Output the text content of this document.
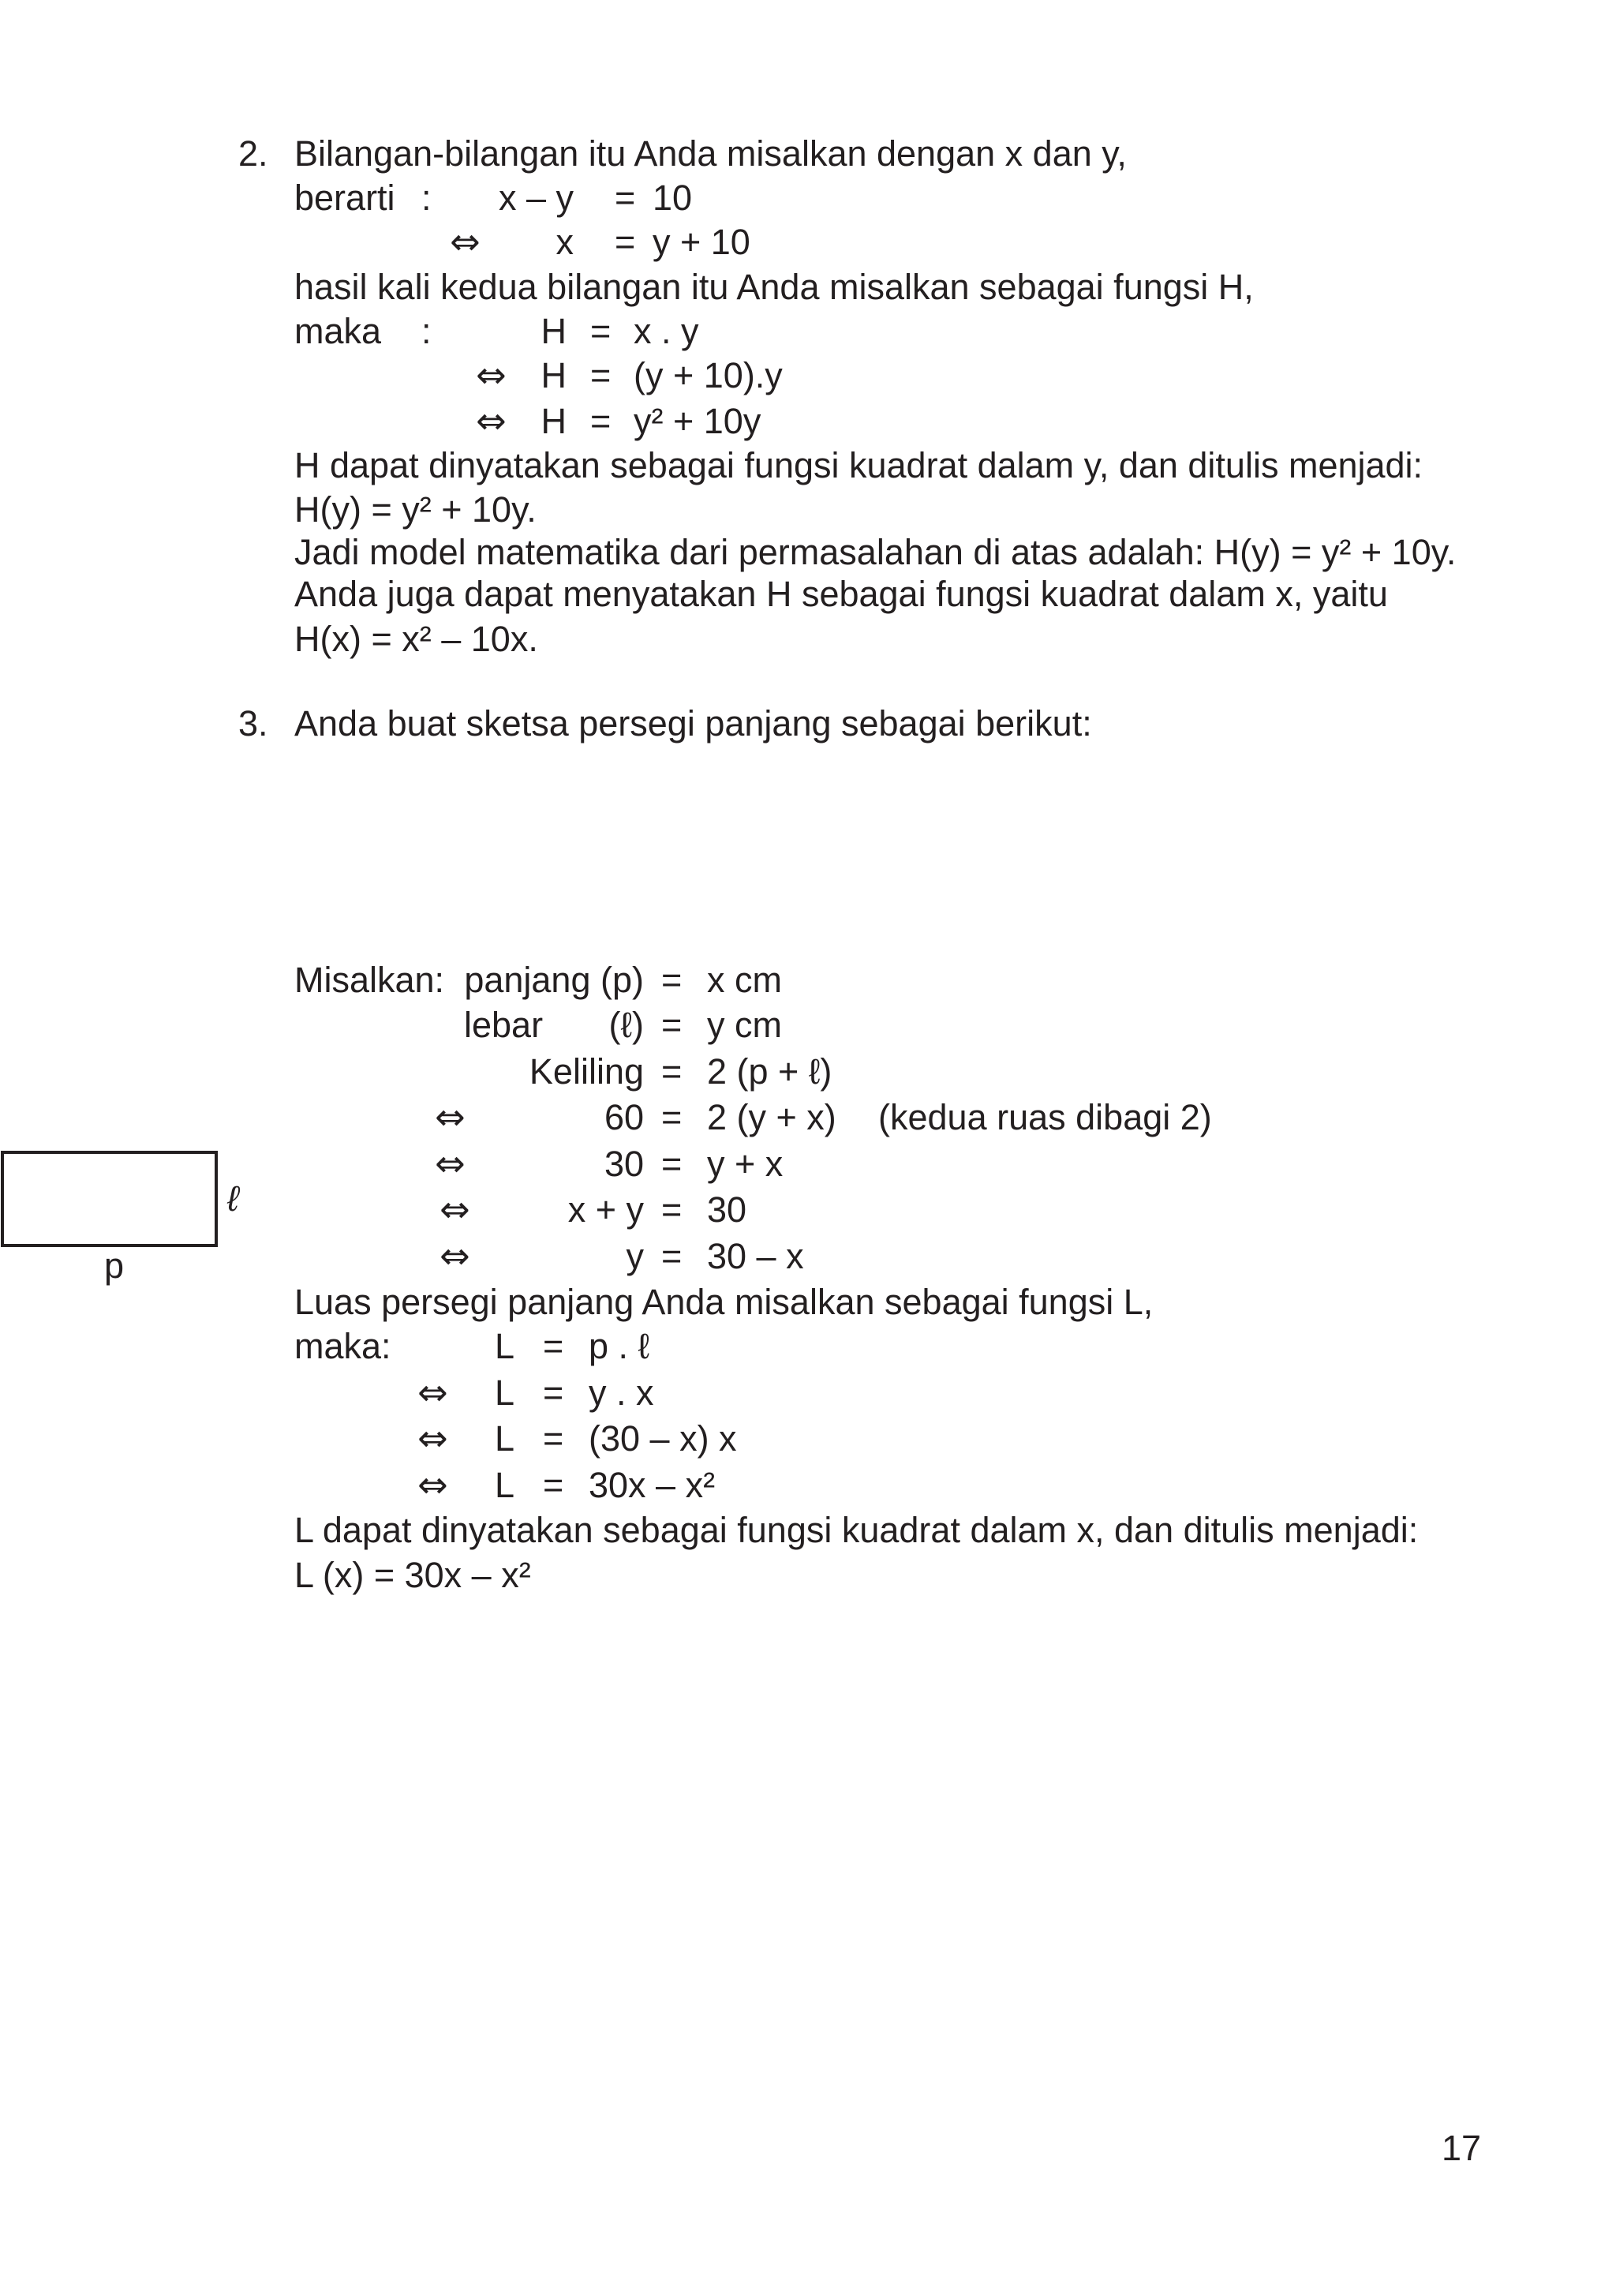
2. Bilangan-bilangan itu Anda misalkan dengan x dan y,
berarti : x – y = 10
⇔ x = y + 10
hasil kali kedua bilangan itu Anda misalkan sebagai fungsi H,
maka :	H = x . y
⇔ H = (y + 10).y
⇔ H = y² + 10y
H dapat dinyatakan sebagai fungsi kuadrat dalam y, dan ditulis menjadi:
H(y) = y² + 10y.
Jadi model matematika dari permasalahan di atas adalah: H(y) = y² + 10y.
Anda juga dapat menyatakan H sebagai fungsi kuadrat dalam x, yaitu
H(x) = x² – 10x.
3. Anda buat sketsa persegi panjang sebagai berikut:
ℓ
p
Misalkan: panjang (p) = x cm
lebar (ℓ) = y cm
Keliling = 2 (p + ℓ)
⇔	60 = 2 (y + x) (kedua ruas dibagi 2)
⇔	30 = y + x
⇔	x + y = 30
⇔	y = 30 – x
Luas persegi panjang Anda misalkan sebagai fungsi L,
maka:	L = p . ℓ
⇔ L = y . x
⇔ L = (30 – x) x
⇔ L = 30x – x²
L dapat dinyatakan sebagai fungsi kuadrat dalam x, dan ditulis menjadi:
L (x) = 30x – x²
17
